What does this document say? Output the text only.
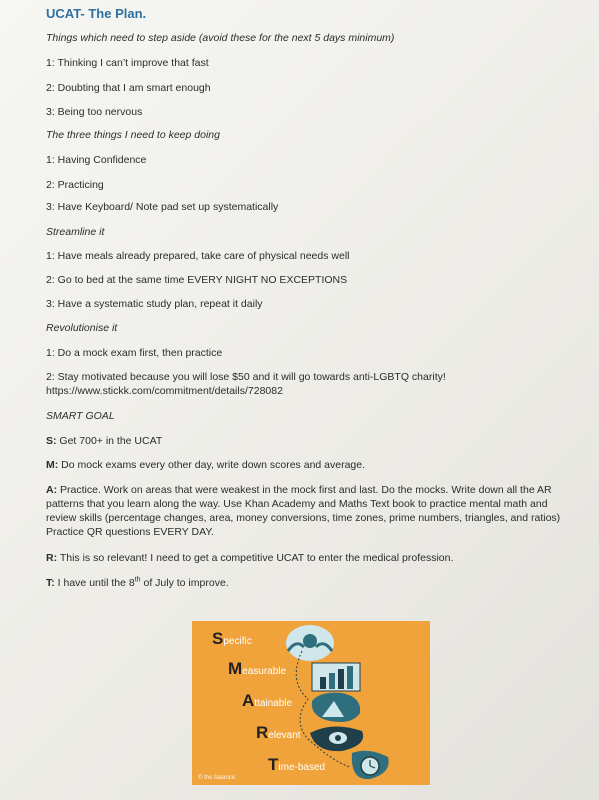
UCAT- The Plan.
Things which need to step aside (avoid these for the next 5 days minimum)
1: Thinking I can’t improve that fast
2: Doubting that I am smart enough
3: Being too nervous
The three things I need to keep doing
1: Having Confidence
2: Practicing
3: Have Keyboard/ Note pad set up systematically
Streamline it
1: Have meals already prepared, take care of physical needs well
2: Go to bed at the same time EVERY NIGHT NO EXCEPTIONS
3: Have a systematic study plan, repeat it daily
Revolutionise it
1: Do a mock exam first, then practice
2: Stay motivated because you will lose $50 and it will go towards anti-LGBTQ charity!
https://www.stickk.com/commitment/details/728082
SMART GOAL
S: Get 700+ in the UCAT
M: Do mock exams every other day, write down scores and average.
A: Practice. Work on areas that were weakest in the mock first and last. Do the mocks. Write down all the AR
patterns that you learn along the way. Use Khan Academy and Maths Text book to practice mental math and
review skills (percentage changes, area, money conversions, time zones, prime numbers, triangles, and ratios)
Practice QR questions EVERY DAY.
R: This is so relevant! I need to get a competitive UCAT to enter the medical profession.
T: I have until the 8th of July to improve.
Specific
Measurable
Attainable
Relevant
Time-based
© the balance
